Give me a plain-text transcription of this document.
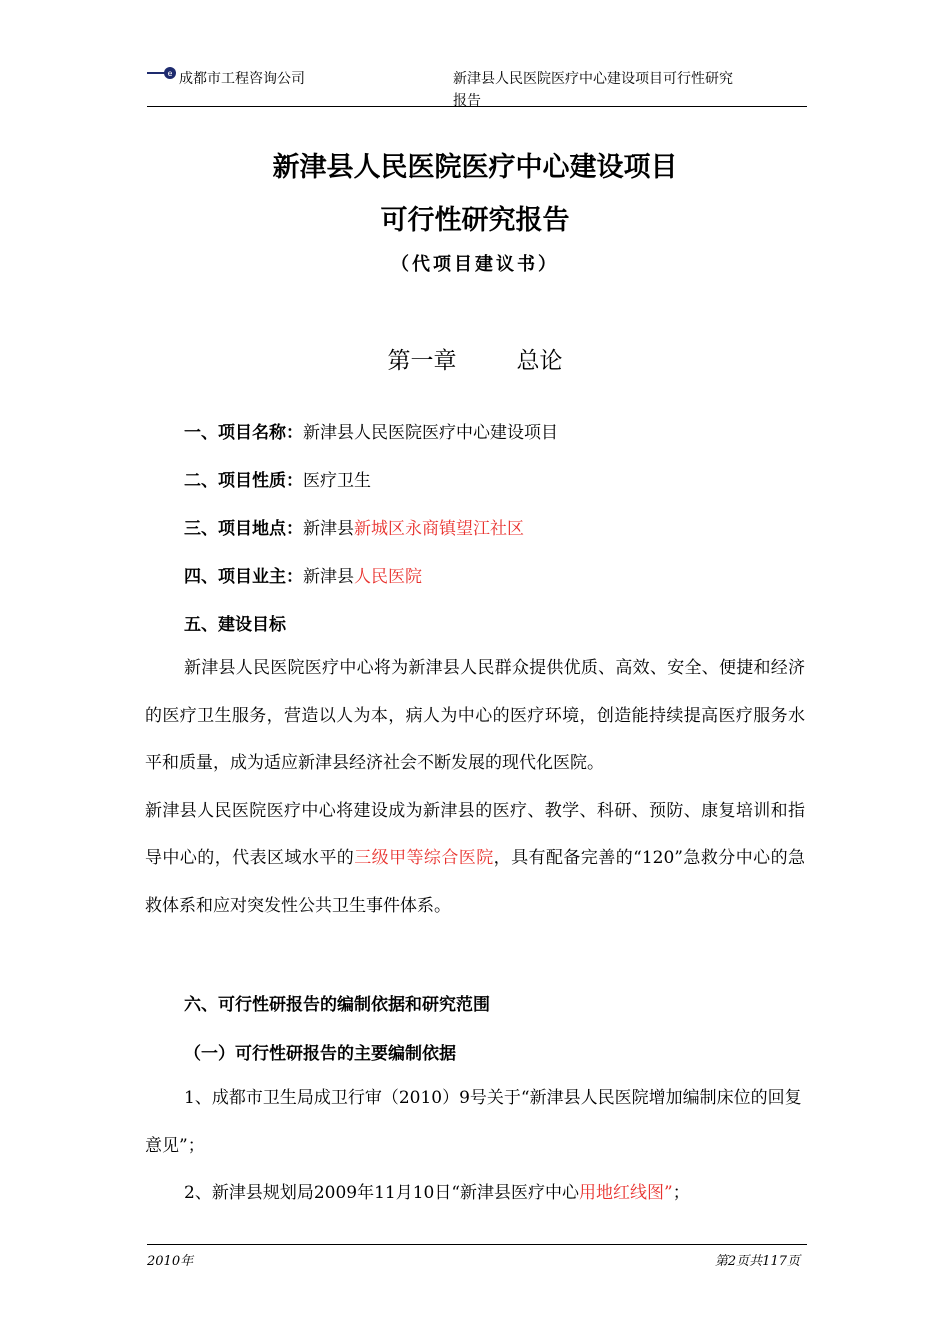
e 成都市工程咨询公司	新津县人民医院医疗中心建设项目可行性研究
报告
新津县人民医院医疗中心建设项目
可行性研究报告
（代项目建议书）
第一章	总论
一、项目名称：新津县人民医院医疗中心建设项目
二、项目性质：医疗卫生
三、项目地点：新津县新城区永商镇望江社区
四、项目业主：新津县人民医院
五、建设目标

新津县人民医院医疗中心将为新津县人民群众提供优质、高效、安全、便捷和经济的医疗卫生服务，营造以人为本，病人为中心的医疗环境，创造能持续提高医疗服务水平和质量，成为适应新津县经济社会不断发展的现代化医院。

新津县人民医院医疗中心将建设成为新津县的医疗、教学、科研、预防、康复培训和指导中心的，代表区域水平的三级甲等综合医院，具有配备完善的“120”急救分中心的急救体系和应对突发性公共卫生事件体系。

六、可行性研报告的编制依据和研究范围
（一）可行性研报告的主要编制依据

1、成都市卫生局成卫行审（2010）9号关于“新津县人民医院增加编制床位的回复意见”；

2、新津县规划局2009年11月10日“新津县医疗中心用地红线图”；

2010年	第2页共117页
